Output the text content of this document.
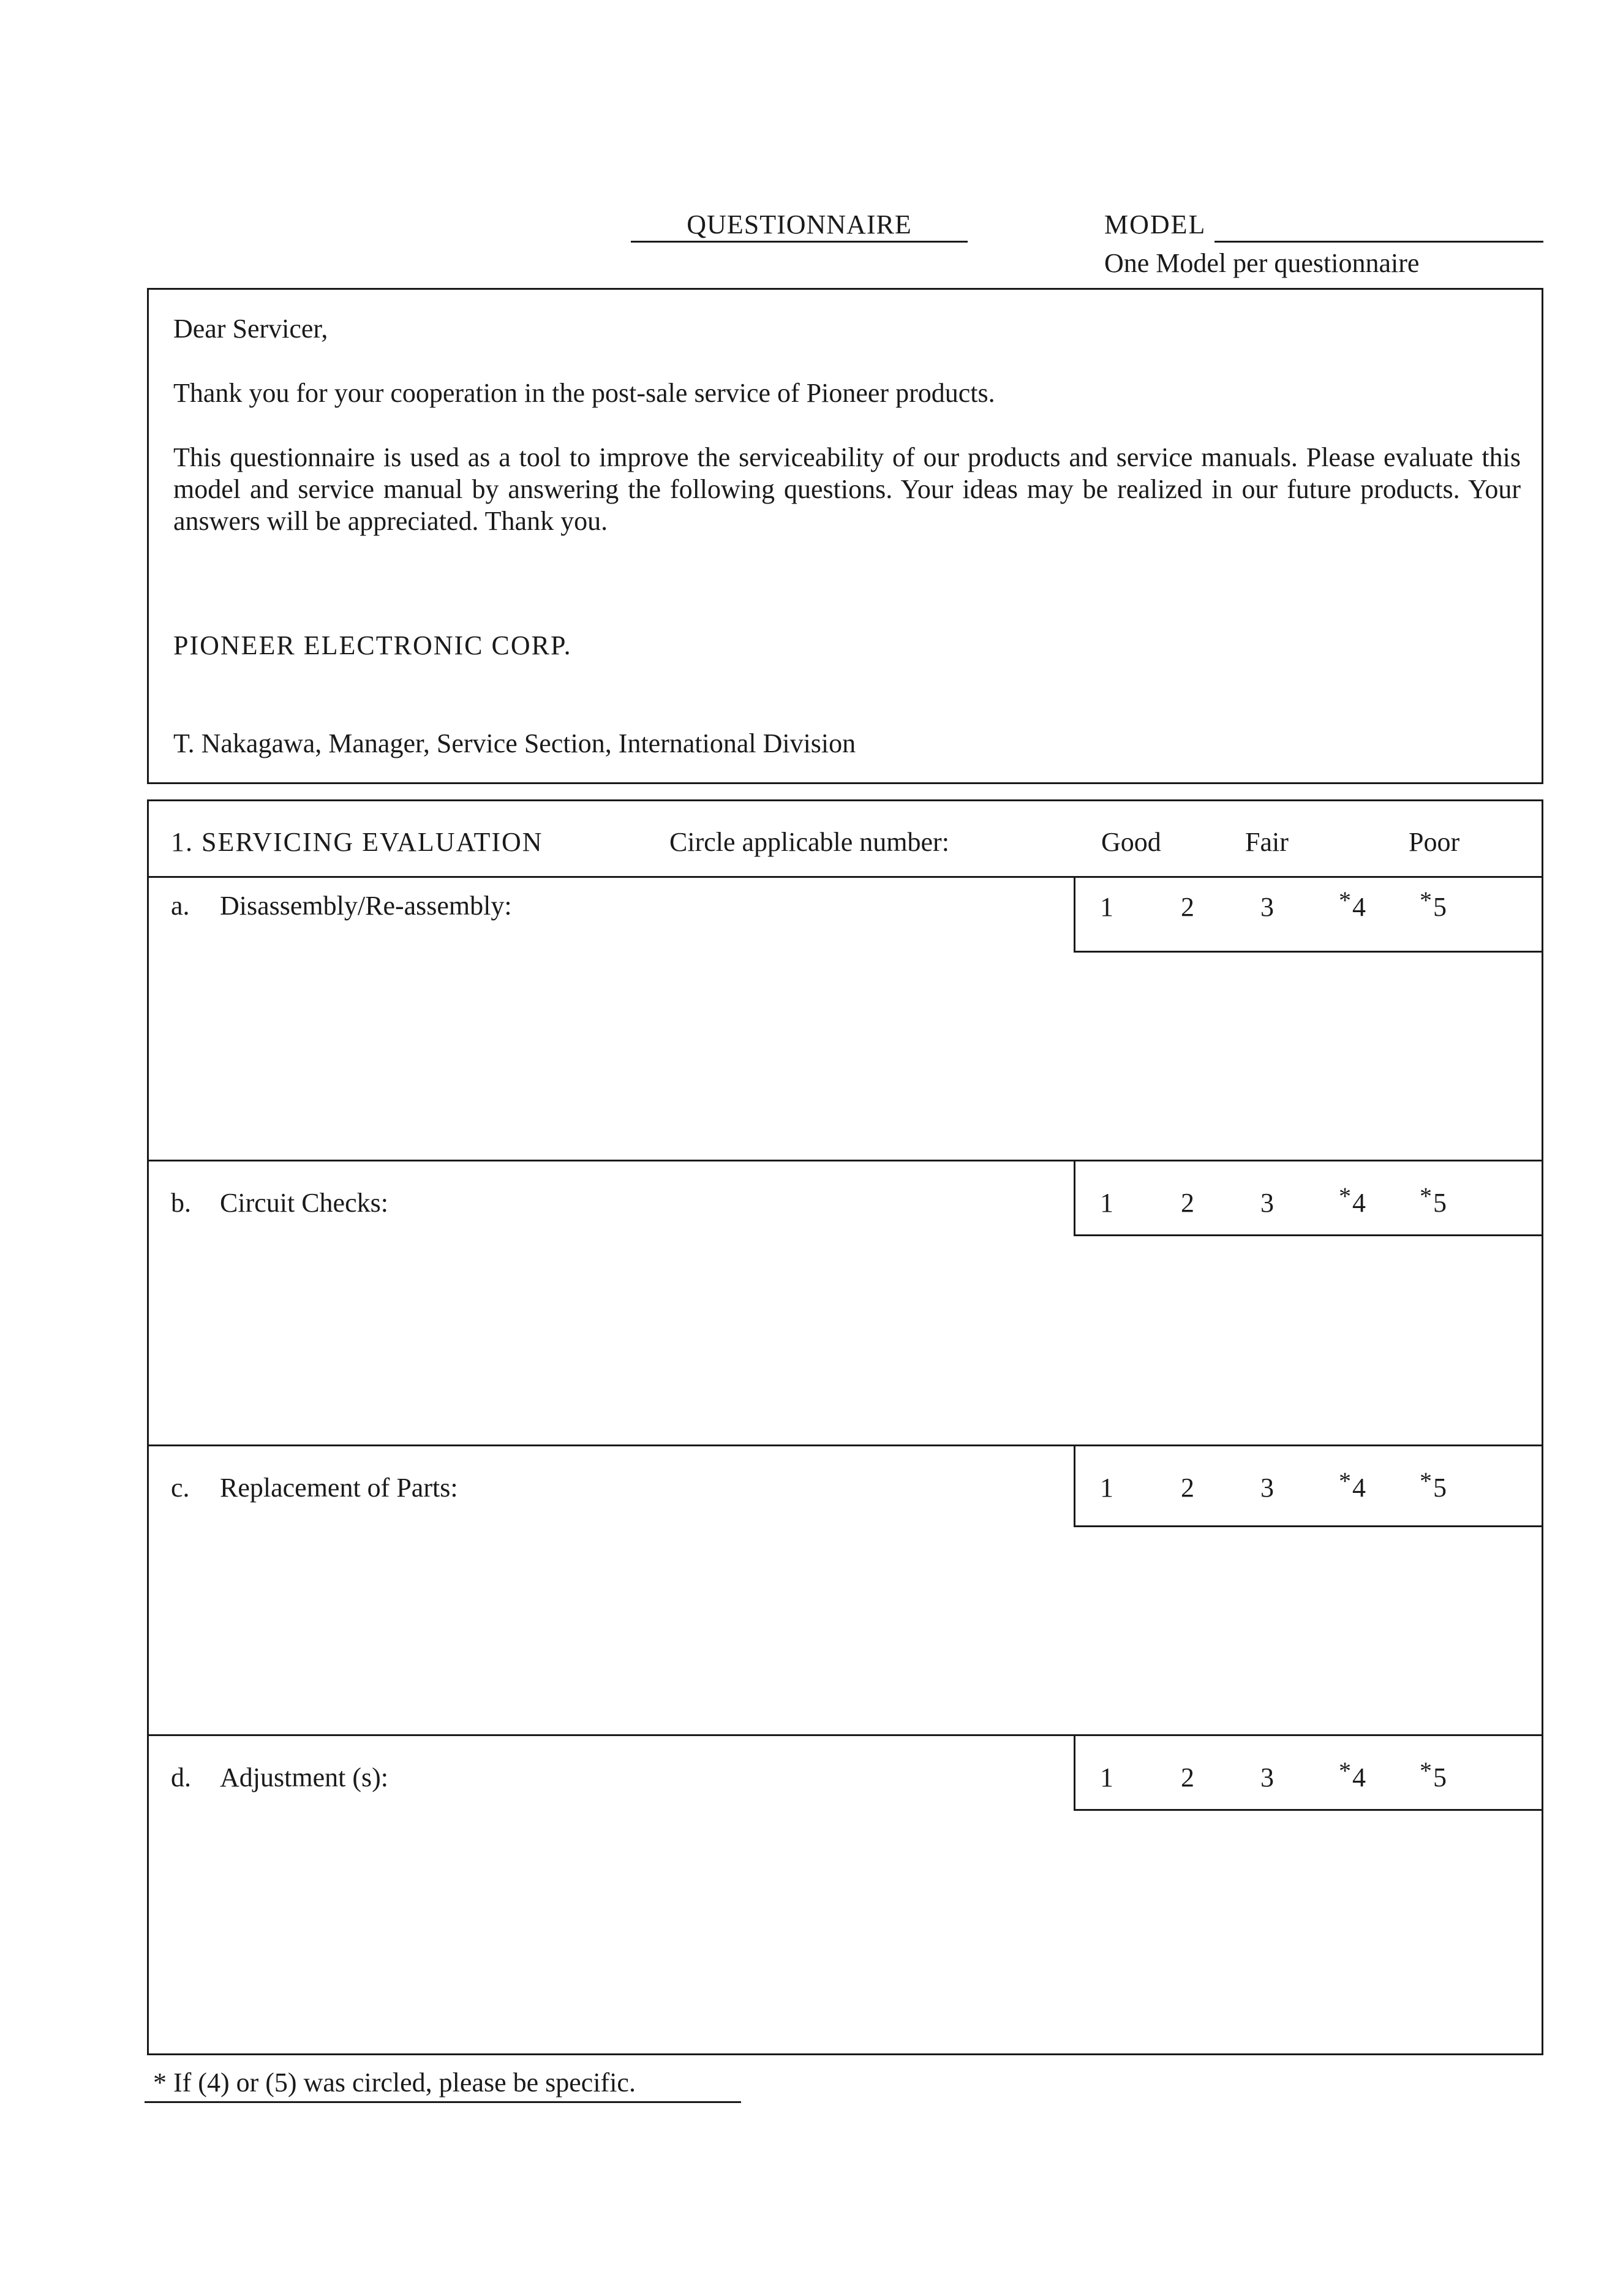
QUESTIONNAIRE	MODEL
One Model per questionnaire
Dear Servicer,
Thank you for your cooperation in the post-sale service of Pioneer products.
This questionnaire is used as a tool to improve the serviceability of our products and service manuals. Please evaluate this model and service manual by answering the following questions. Your ideas may be realized in our future products. Your answers will be appreciated. Thank you.
PIONEER ELECTRONIC CORP.
T. Nakagawa, Manager, Service Section, International Division
1. SERVICING EVALUATION	Circle applicable number:	Good	Fair	Poor
a. Disassembly/Re-assembly:	1	2 3	*4 *5
b. Circuit Checks:	1	2 3	*4 *5
c. Replacement of Parts:	1	2 3	*4 *5
d. Adjustment (s):	1	2 3	*4 *5
* If (4) or (5) was circled, please be specific.
